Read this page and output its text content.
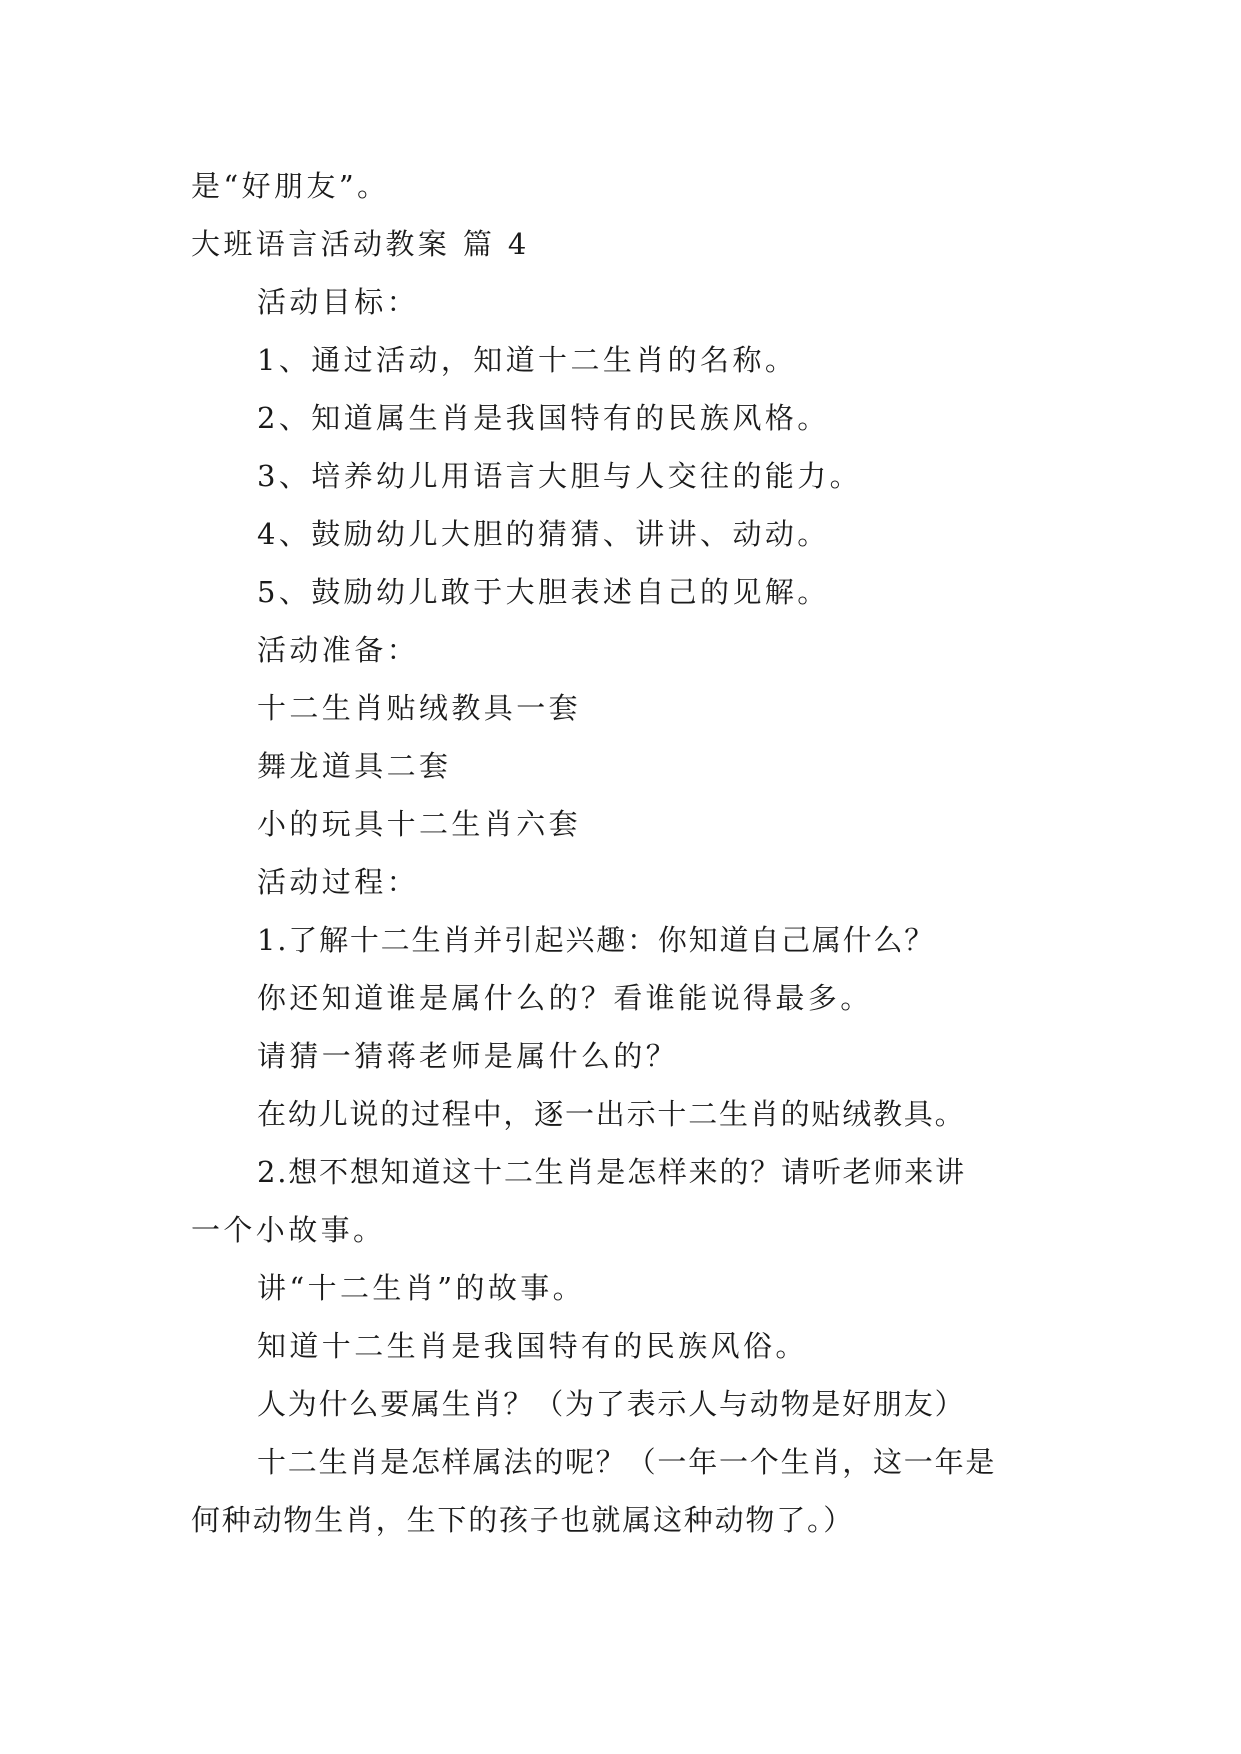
是“好朋友”。
大班语言活动教案 篇 4
活动目标：
1、通过活动，知道十二生肖的名称。
2、知道属生肖是我国特有的民族风格。
3、培养幼儿用语言大胆与人交往的能力。
4、鼓励幼儿大胆的猜猜、讲讲、动动。
5、鼓励幼儿敢于大胆表述自己的见解。
活动准备：
十二生肖贴绒教具一套
舞龙道具二套
小的玩具十二生肖六套
活动过程：
1.了解十二生肖并引起兴趣：你知道自己属什么？
你还知道谁是属什么的？看谁能说得最多。
请猜一猜蒋老师是属什么的？
在幼儿说的过程中，逐一出示十二生肖的贴绒教具。
2.想不想知道这十二生肖是怎样来的？请听老师来讲
一个小故事。
讲“十二生肖”的故事。
知道十二生肖是我国特有的民族风俗。
人为什么要属生肖？（为了表示人与动物是好朋友）
十二生肖是怎样属法的呢？（一年一个生肖，这一年是
何种动物生肖，生下的孩子也就属这种动物了。）
